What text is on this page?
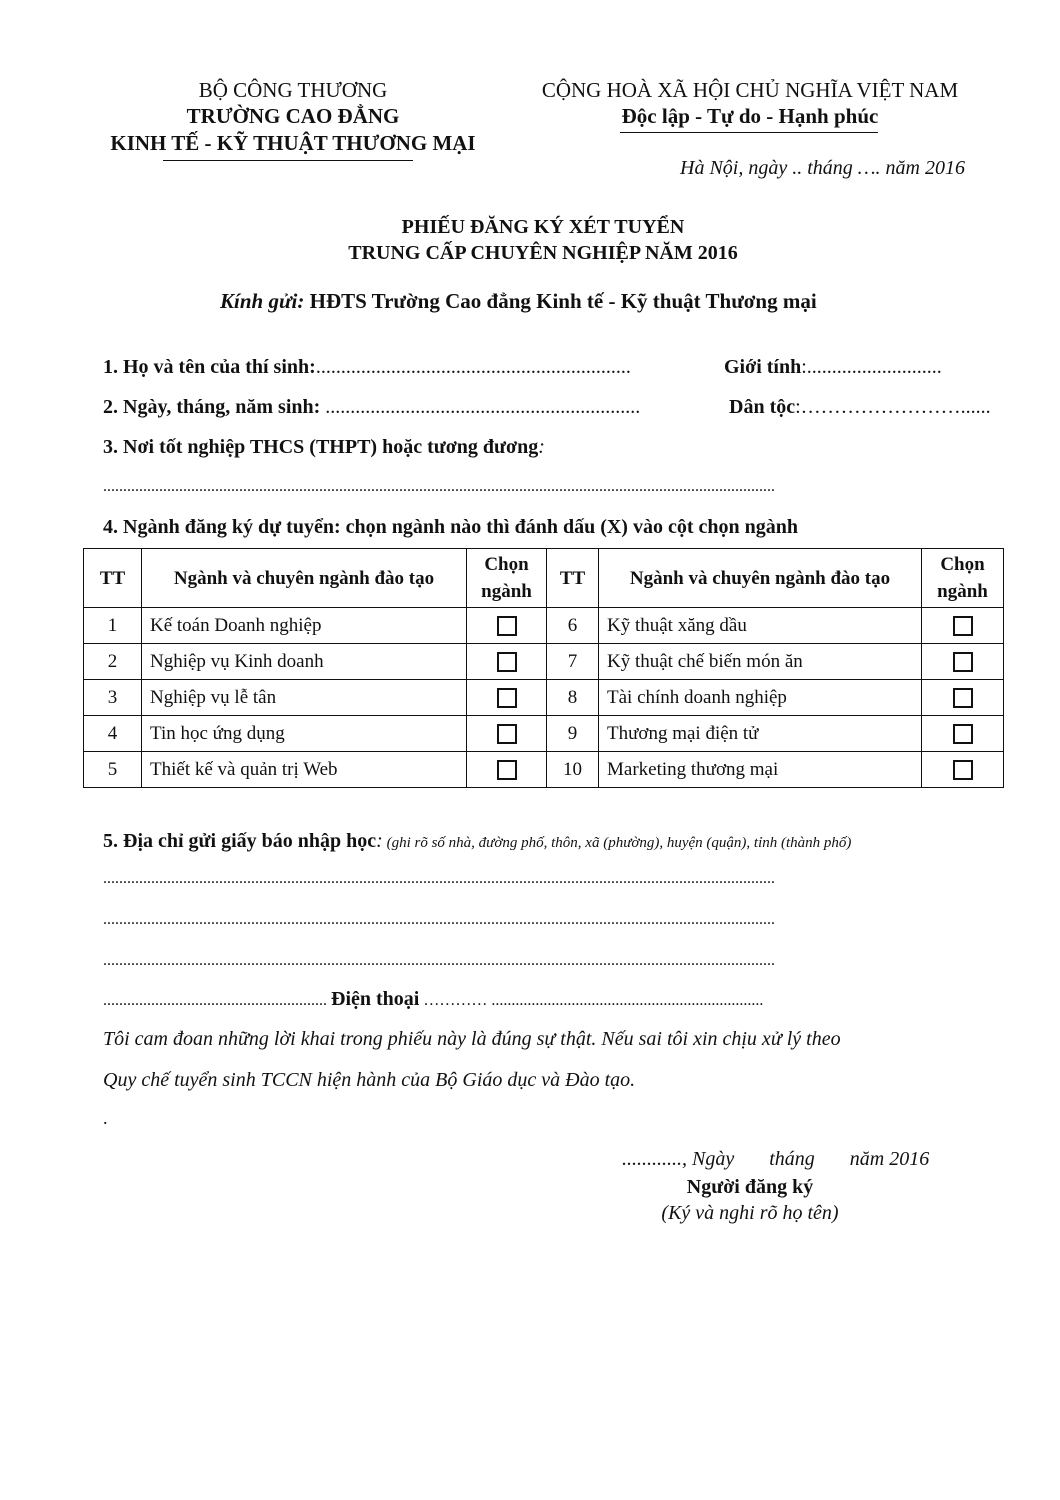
BỘ CÔNG THƯƠNG
TRƯỜNG CAO ĐẲNG
KINH TẾ - KỸ THUẬT THƯƠNG MẠI
CỘNG HOÀ XÃ HỘI CHỦ NGHĨA VIỆT NAM
Độc lập - Tự do - Hạnh phúc
Hà Nội, ngày .. tháng …. năm 2016
PHIẾU ĐĂNG KÝ XÉT TUYỂN
TRUNG CẤP CHUYÊN NGHIỆP NĂM 2016
Kính gửi: HĐTS Trường Cao đẳng Kinh tế - Kỹ thuật Thương mại
1. Họ và tên của thí sinh:...............................................................	Giới tính:...........................
2. Ngày, tháng, năm sinh: ...............................................................	Dân tộc:……………………......
3. Nơi tốt nghiệp THCS (THPT) hoặc tương đương:
........................................................................................................................................................................
4. Ngành đăng ký dự tuyển: chọn ngành nào thì đánh dấu (X) vào cột chọn ngành
TT	Ngành và chuyên ngành đào tạo	Chọn
ngành	TT	Ngành và chuyên ngành đào tạo	Chọn
ngành
1	Kế toán Doanh nghiệp		6	Kỹ thuật xăng dầu	
2	Nghiệp vụ Kinh doanh		7	Kỹ thuật chế biến món ăn	
3	Nghiệp vụ lễ tân		8	Tài chính doanh nghiệp	
4	Tin học ứng dụng		9	Thương mại điện tử	
5	Thiết kế và quản trị Web		10	Marketing thương mại	
5. Địa chỉ gửi giấy báo nhập học: (ghi rõ số nhà, đường phố, thôn, xã (phường), huyện (quận), tỉnh (thành phố)
........................................................................................................................................................................
........................................................................................................................................................................
........................................................................................................................................................................
........................................................ Điện thoại ………… ....................................................................
Tôi cam đoan những lời khai trong phiếu này là đúng sự thật. Nếu sai tôi xin chịu xử lý theo
Quy chế tuyển sinh TCCN hiện hành của Bộ Giáo dục và Đào tạo.
.
............, Ngày       tháng       năm 2016
Người đăng ký
(Ký và nghi rõ họ tên)
